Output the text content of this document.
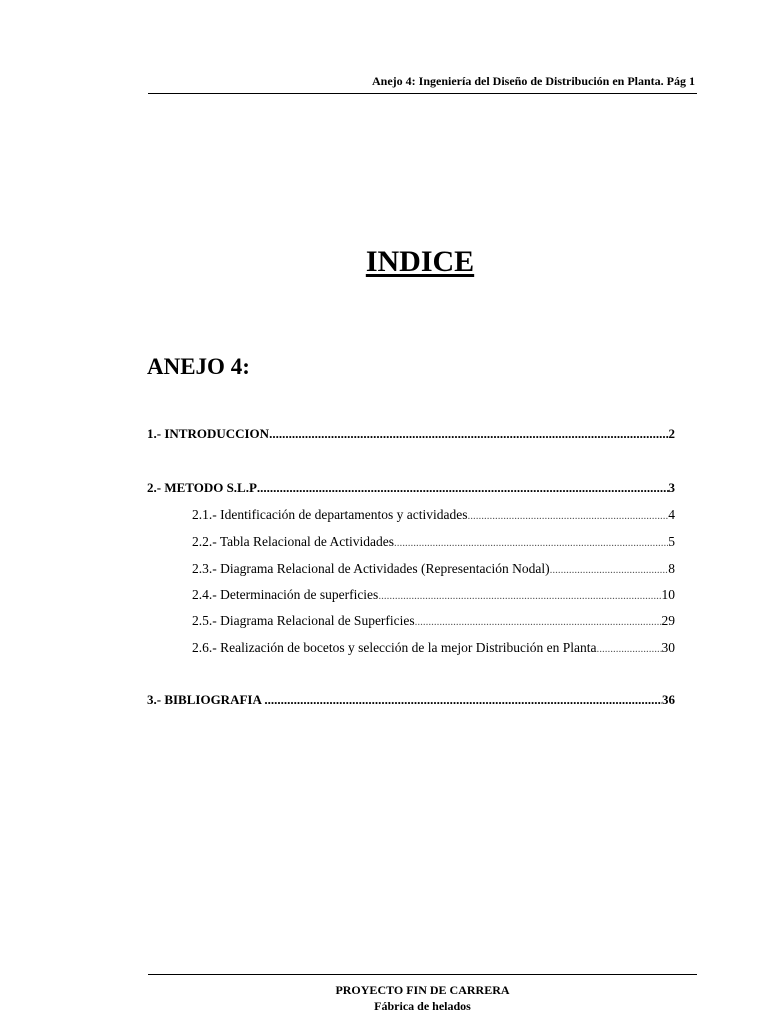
Anejo 4: Ingeniería del Diseño de Distribución en Planta. Pág 1
INDICE
ANEJO 4:
1.- INTRODUCCION .....	2
2.- METODO S.L.P .....	3
2.1.- Identificación de departamentos y actividades .....	4
2.2.- Tabla Relacional de Actividades .....	5
2.3.- Diagrama Relacional de Actividades (Representación Nodal) .....	8
2.4.- Determinación de superficies .....	10
2.5.- Diagrama Relacional de Superficies .....	29
2.6.- Realización de bocetos y selección de la mejor Distribución en Planta .....	30
3.- BIBLIOGRAFIA .....	36
PROYECTO FIN DE CARRERA
Fábrica de helados
